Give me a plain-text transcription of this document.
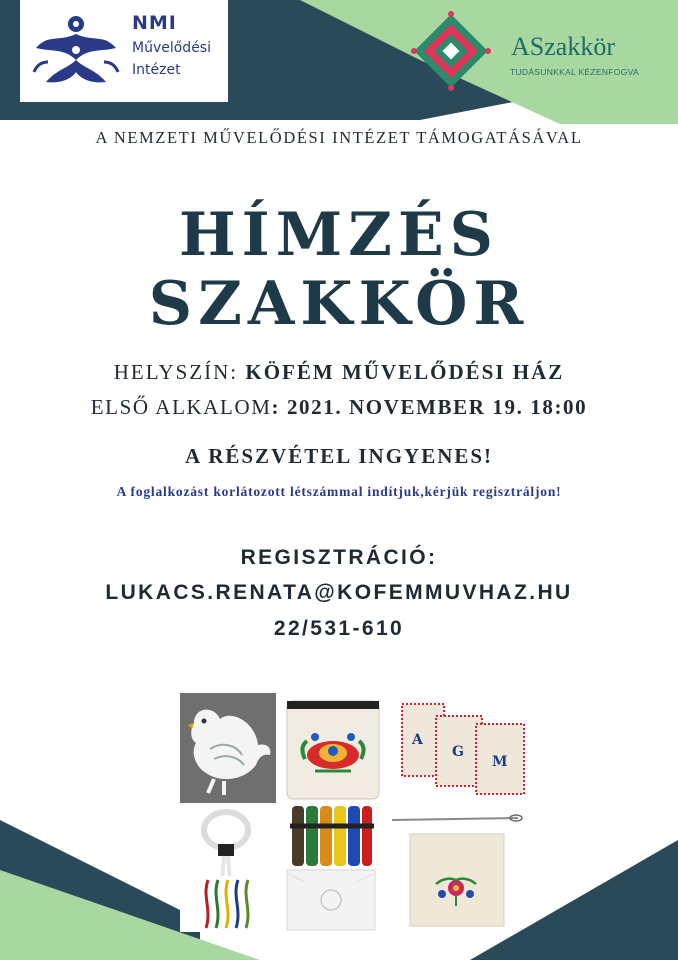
NMI
Művelődési
Intézet
ASzakkör
TUDÁSUNKKAL KÉZENFOGVA
A NEMZETI MŰVELŐDÉSI INTÉZET TÁMOGATÁSÁVAL
HÍMZÉS
SZAKKÖR
HELYSZÍN: KÖFÉM MŰVELŐDÉSI HÁZ
ELSŐ ALKALOM: 2021. NOVEMBER 19. 18:00
A RÉSZVÉTEL INGYENES!
A foglalkozást korlátozott létszámmal indítjuk,kérjük regisztráljon!
REGISZTRÁCIÓ:
LUKACS.RENATA@KOFEMMUVHAZ.HU
22/531-610
A
G
M
